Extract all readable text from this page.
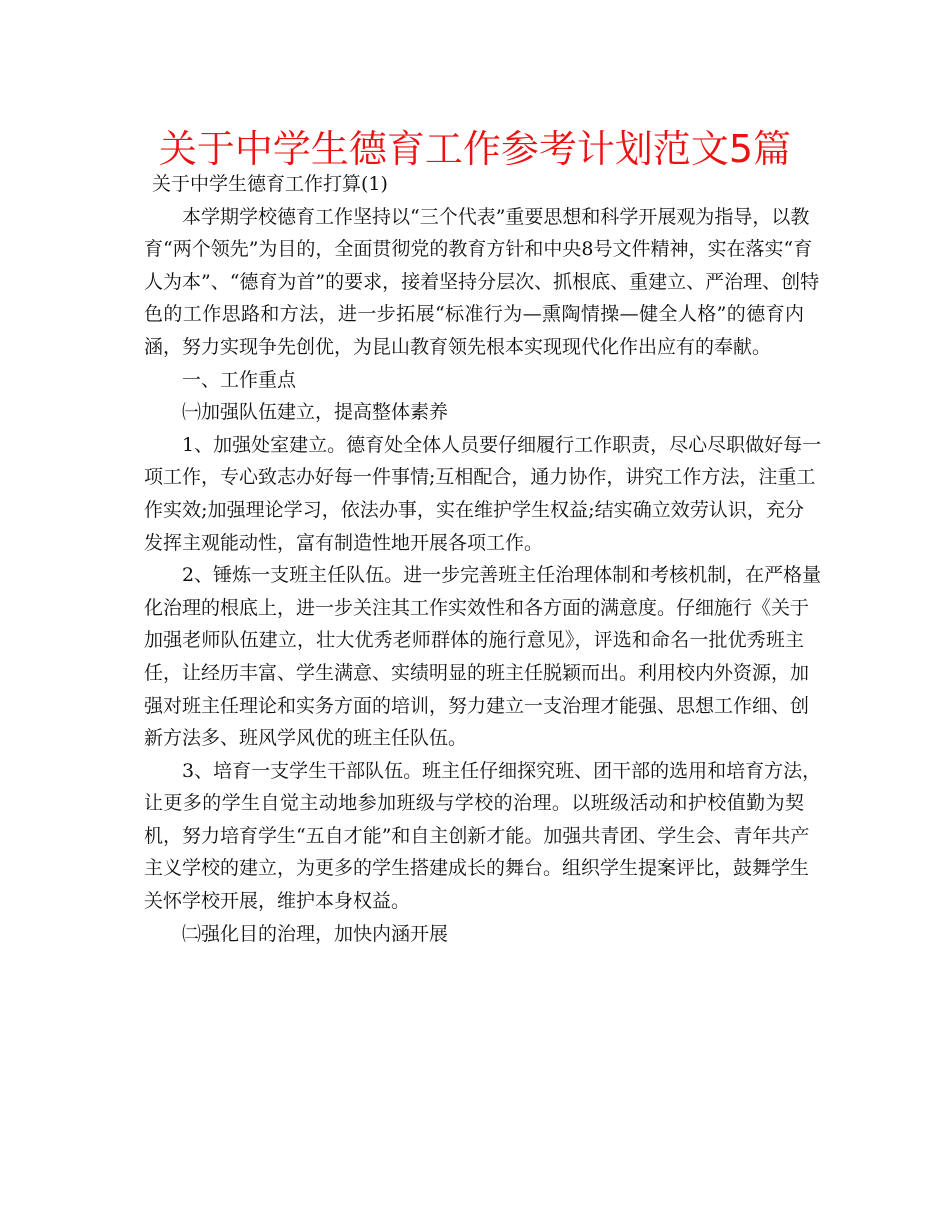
关于中学生德育工作参考计划范文5篇

关于中学生德育工作打算(1)

本学期学校德育工作坚持以“三个代表”重要思想和科学开展观为指导，以教

育“两个领先”为目的，全面贯彻党的教育方针和中央8号文件精神，实在落实“育

人为本”、“德育为首”的要求，接着坚持分层次、抓根底、重建立、严治理、创特

色的工作思路和方法，进一步拓展“标准行为—熏陶情操—健全人格”的德育内

涵，努力实现争先创优，为昆山教育领先根本实现现代化作出应有的奉献。

一、工作重点

㈠加强队伍建立，提高整体素养

1、加强处室建立。德育处全体人员要仔细履行工作职责，尽心尽职做好每一

项工作，专心致志办好每一件事情;互相配合，通力协作，讲究工作方法，注重工

作实效;加强理论学习，依法办事，实在维护学生权益;结实确立效劳认识，充分

发挥主观能动性，富有制造性地开展各项工作。

2、锤炼一支班主任队伍。进一步完善班主任治理体制和考核机制，在严格量

化治理的根底上，进一步关注其工作实效性和各方面的满意度。仔细施行《关于

加强老师队伍建立，壮大优秀老师群体的施行意见》，评选和命名一批优秀班主

任，让经历丰富、学生满意、实绩明显的班主任脱颖而出。利用校内外资源，加

强对班主任理论和实务方面的培训，努力建立一支治理才能强、思想工作细、创

新方法多、班风学风优的班主任队伍。

3、培育一支学生干部队伍。班主任仔细探究班、团干部的选用和培育方法，

让更多的学生自觉主动地参加班级与学校的治理。以班级活动和护校值勤为契

机，努力培育学生“五自才能”和自主创新才能。加强共青团、学生会、青年共产

主义学校的建立，为更多的学生搭建成长的舞台。组织学生提案评比，鼓舞学生

关怀学校开展，维护本身权益。

㈡强化目的治理，加快内涵开展
